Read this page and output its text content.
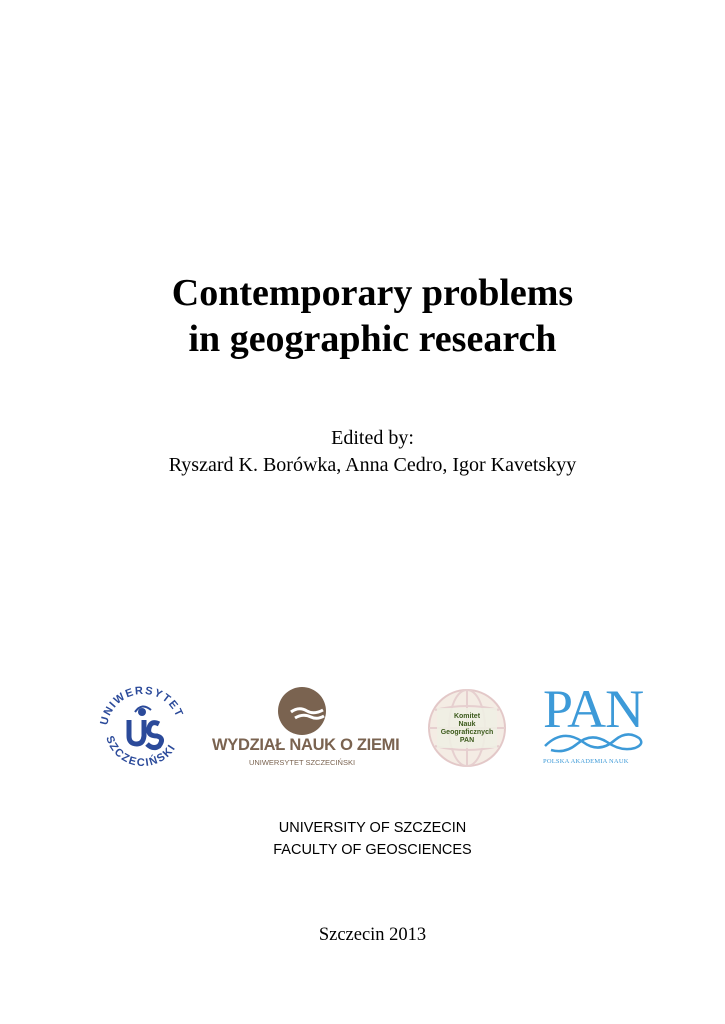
Contemporary problems
in geographic research
Edited by:
Ryszard K. Borówka, Anna Cedro, Igor Kavetskyy
UNIWERSYTET
SZCZECIŃSKI WYDZIAŁ NAUK O ZIEMI
UNIWERSYTET SZCZECIŃSKI
Komitet
Nauk
Geograficznych
PAN
PAN
POLSKA AKADEMIA NAUK
UNIVERSITY OF SZCZECIN
FACULTY OF GEOSCIENCES
Szczecin 2013
